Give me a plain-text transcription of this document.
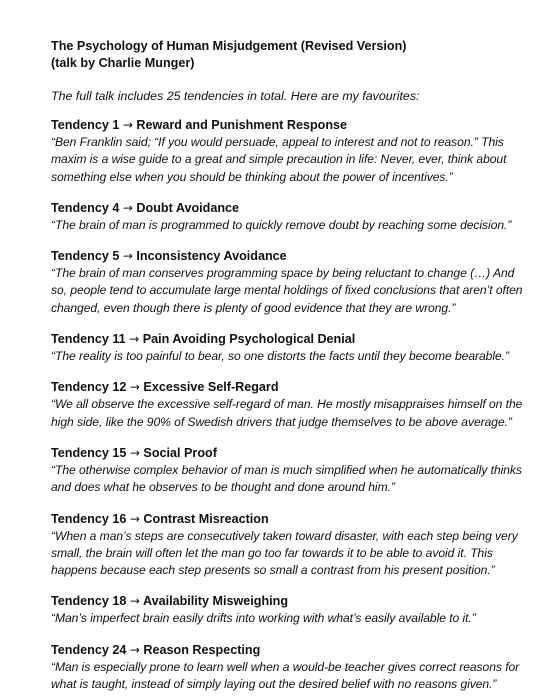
The Psychology of Human Misjudgement (Revised Version)
(talk by Charlie Munger)

The full talk includes 25 tendencies in total. Here are my favourites:

Tendency 1 → Reward and Punishment Response

“Ben Franklin said; “If you would persuade, appeal to interest and not to reason.” This maxim is a wise guide to a great and simple precaution in life: Never, ever, think about something else when you should be thinking about the power of incentives.”

Tendency 4 → Doubt Avoidance

“The brain of man is programmed to quickly remove doubt by reaching some decision.”

Tendency 5 → Inconsistency Avoidance

“The brain of man conserves programming space by being reluctant to change (…) And so, people tend to accumulate large mental holdings of fixed conclusions that aren’t often changed, even though there is plenty of good evidence that they are wrong.”

Tendency 11 → Pain Avoiding Psychological Denial

“The reality is too painful to bear, so one distorts the facts until they become bearable.”

Tendency 12 → Excessive Self-Regard

“We all observe the excessive self-regard of man. He mostly misappraises himself on the high side, like the 90% of Swedish drivers that judge themselves to be above average.”

Tendency 15 → Social Proof

“The otherwise complex behavior of man is much simplified when he automatically thinks and does what he observes to be thought and done around him.”

Tendency 16 → Contrast Misreaction

“When a man’s steps are consecutively taken toward disaster, with each step being very small, the brain will often let the man go too far towards it to be able to avoid it. This happens because each step presents so small a contrast from his present position.”

Tendency 18 → Availability Misweighing

“Man’s imperfect brain easily drifts into working with what’s easily available to it.”

Tendency 24 → Reason Respecting

“Man is especially prone to learn well when a would-be teacher gives correct reasons for what is taught, instead of simply laying out the desired belief with no reasons given.”
